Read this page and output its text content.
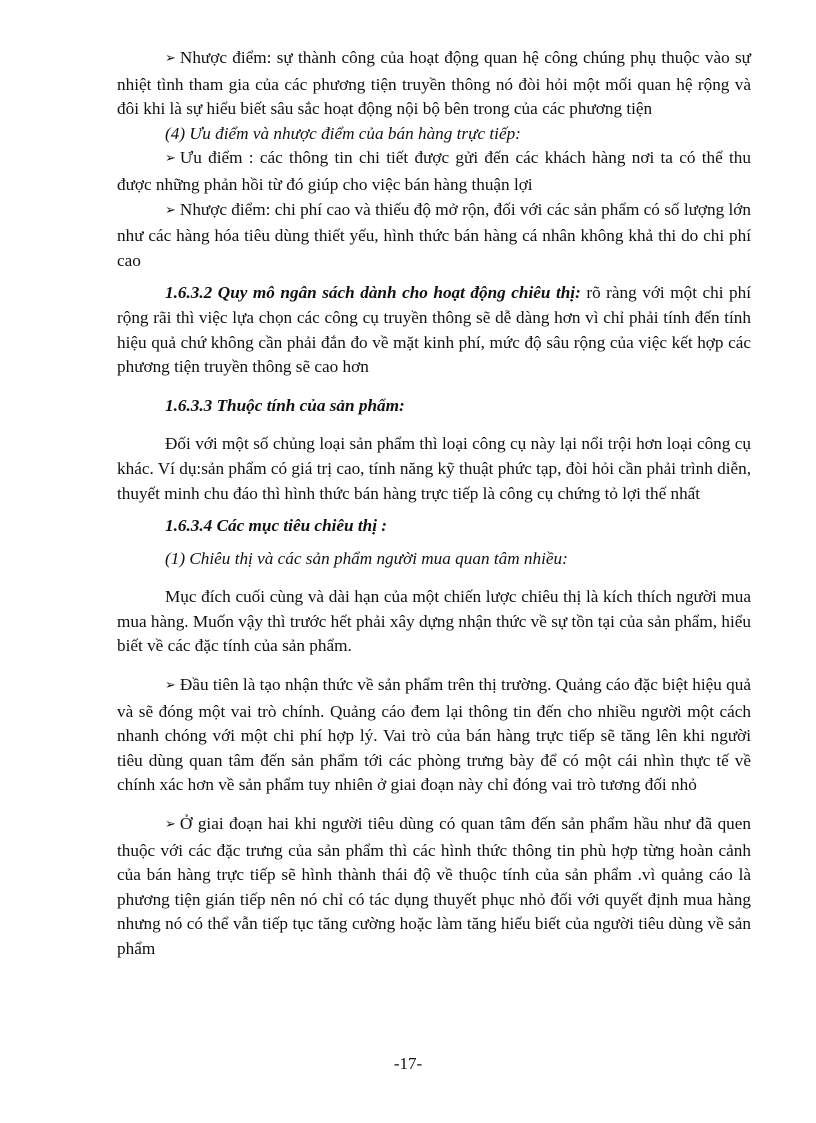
➢ Nhược điểm: sự thành công của hoạt động quan hệ công chúng phụ thuộc vào sự nhiệt tình tham gia của các phương tiện truyền thông nó đòi hỏi một mối quan hệ rộng và đôi khi là sự hiểu biết sâu sắc hoạt động nội bộ bên trong của các phương tiện

(4) Ưu điểm và nhược điểm của bán hàng trực tiếp:

➢ Ưu điểm : các thông tin chi tiết được gửi đến các khách hàng nơi ta có thể thu được những phản hồi từ đó giúp cho việc bán hàng thuận lợi

➢ Nhược điểm: chi phí cao và thiếu độ mở rộn, đối với các sản phẩm có số lượng lớn như các hàng hóa tiêu dùng thiết yếu, hình thức bán hàng cá nhân không khả thi do chi phí cao

1.6.3.2 Quy mô ngân sách dành cho hoạt động chiêu thị: rõ ràng với một chi phí rộng rãi thì việc lựa chọn các công cụ truyền thông sẽ dễ dàng hơn vì chỉ phải tính đến tính hiệu quả chứ không cần phải đắn đo về mặt kinh phí, mức độ sâu rộng của việc kết hợp các phương tiện truyền thông sẽ cao hơn

1.6.3.3 Thuộc tính của sản phẩm:

Đối với một số chủng loại sản phẩm thì loại công cụ này lại nổi trội hơn loại công cụ khác. Ví dụ:sản phẩm có giá trị cao, tính năng kỹ thuật phức tạp, đòi hỏi cần phải trình diễn, thuyết minh chu đáo thì hình thức bán hàng trực tiếp là công cụ chứng tỏ lợi thế nhất

1.6.3.4 Các mục tiêu chiêu thị :

(1) Chiêu thị và các sản phẩm người mua quan tâm nhiều:

Mục đích cuối cùng và dài hạn của một chiến lược chiêu thị là kích thích người mua mua hàng. Muốn vậy thì trước hết phải xây dựng nhận thức về sự tồn tại của sản phẩm, hiểu biết về các đặc tính của sản phẩm.

➢ Đầu tiên là tạo nhận thức về sản phẩm trên thị trường. Quảng cáo đặc biệt hiệu quả và sẽ đóng một vai trò chính. Quảng cáo đem lại thông tin đến cho nhiều người một cách nhanh chóng với một chi phí hợp lý. Vai trò của bán hàng trực tiếp sẽ tăng lên khi người tiêu dùng quan tâm đến sản phẩm tới các phòng trưng bày để có một cái nhìn thực tế về chính xác hơn về sản phẩm tuy nhiên ở giai đoạn này chỉ đóng vai trò tương đối nhỏ

➢ Ở giai đoạn hai khi người tiêu dùng có quan tâm đến sản phẩm hầu như đã quen thuộc với các đặc trưng của sản phẩm thì các hình thức thông tin phù hợp từng hoàn cảnh của bán hàng trực tiếp sẽ hình thành thái độ về thuộc tính của sản phẩm .vì quảng cáo là phương tiện gián tiếp nên nó chỉ có tác dụng thuyết phục nhỏ đối với quyết định mua hàng nhưng nó có thể vẫn tiếp tục tăng cường hoặc làm tăng hiểu biết của người tiêu dùng về sản phẩm

-17-
